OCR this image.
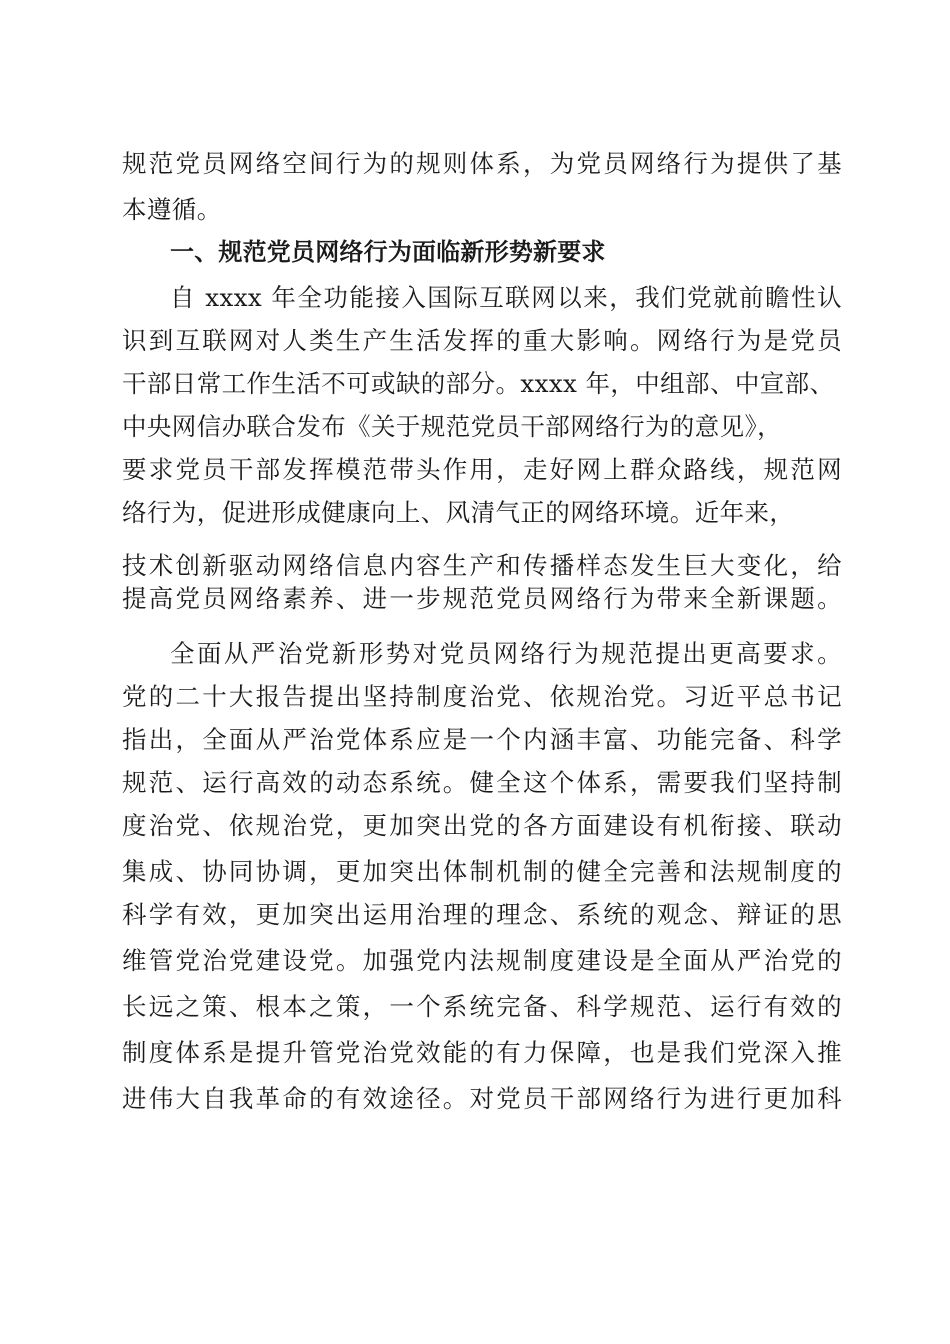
规范党员网络空间行为的规则体系，为党员网络行为提供了基
本遵循。
一、规范党员网络行为面临新形势新要求
自 xxxx 年全功能接入国际互联网以来，我们党就前瞻性认
识到互联网对人类生产生活发挥的重大影响。网络行为是党员
干部日常工作生活不可或缺的部分。xxxx 年，中组部、中宣部、
中央网信办联合发布《关于规范党员干部网络行为的意见》，
要求党员干部发挥模范带头作用，走好网上群众路线，规范网
络行为，促进形成健康向上、风清气正的网络环境。近年来，
技术创新驱动网络信息内容生产和传播样态发生巨大变化，给
提高党员网络素养、进一步规范党员网络行为带来全新课题。
全面从严治党新形势对党员网络行为规范提出更高要求。
党的二十大报告提出坚持制度治党、依规治党。习近平总书记
指出，全面从严治党体系应是一个内涵丰富、功能完备、科学
规范、运行高效的动态系统。健全这个体系，需要我们坚持制
度治党、依规治党，更加突出党的各方面建设有机衔接、联动
集成、协同协调，更加突出体制机制的健全完善和法规制度的
科学有效，更加突出运用治理的理念、系统的观念、辩证的思
维管党治党建设党。加强党内法规制度建设是全面从严治党的
长远之策、根本之策，一个系统完备、科学规范、运行有效的
制度体系是提升管党治党效能的有力保障，也是我们党深入推
进伟大自我革命的有效途径。对党员干部网络行为进行更加科
